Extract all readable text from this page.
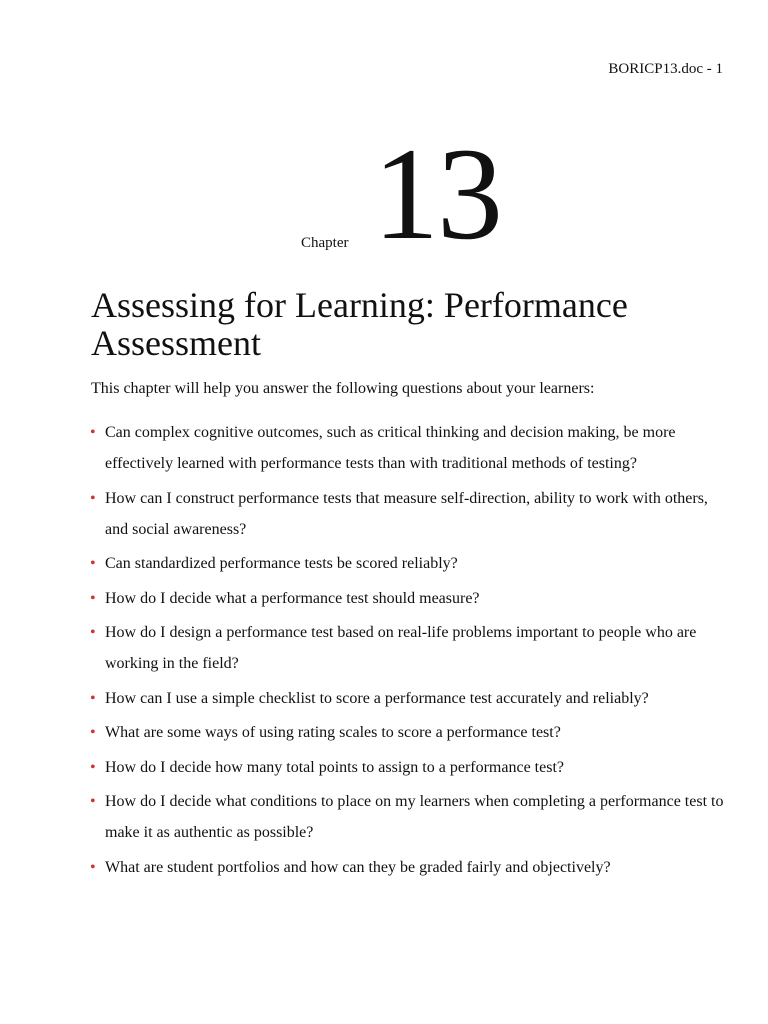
BORICP13.doc - 1
Chapter 13
Assessing for Learning: Performance Assessment

This chapter will help you answer the following questions about your learners:

• Can complex cognitive outcomes, such as critical thinking and decision making, be more effectively learned with performance tests than with traditional methods of testing?
• How can I construct performance tests that measure self-direction, ability to work with others, and social awareness?
• Can standardized performance tests be scored reliably?
• How do I decide what a performance test should measure?
• How do I design a performance test based on real-life problems important to people who are working in the field?
• How can I use a simple checklist to score a performance test accurately and reliably?
• What are some ways of using rating scales to score a performance test?
• How do I decide how many total points to assign to a performance test?
• How do I decide what conditions to place on my learners when completing a performance test to make it as authentic as possible?
• What are student portfolios and how can they be graded fairly and objectively?
